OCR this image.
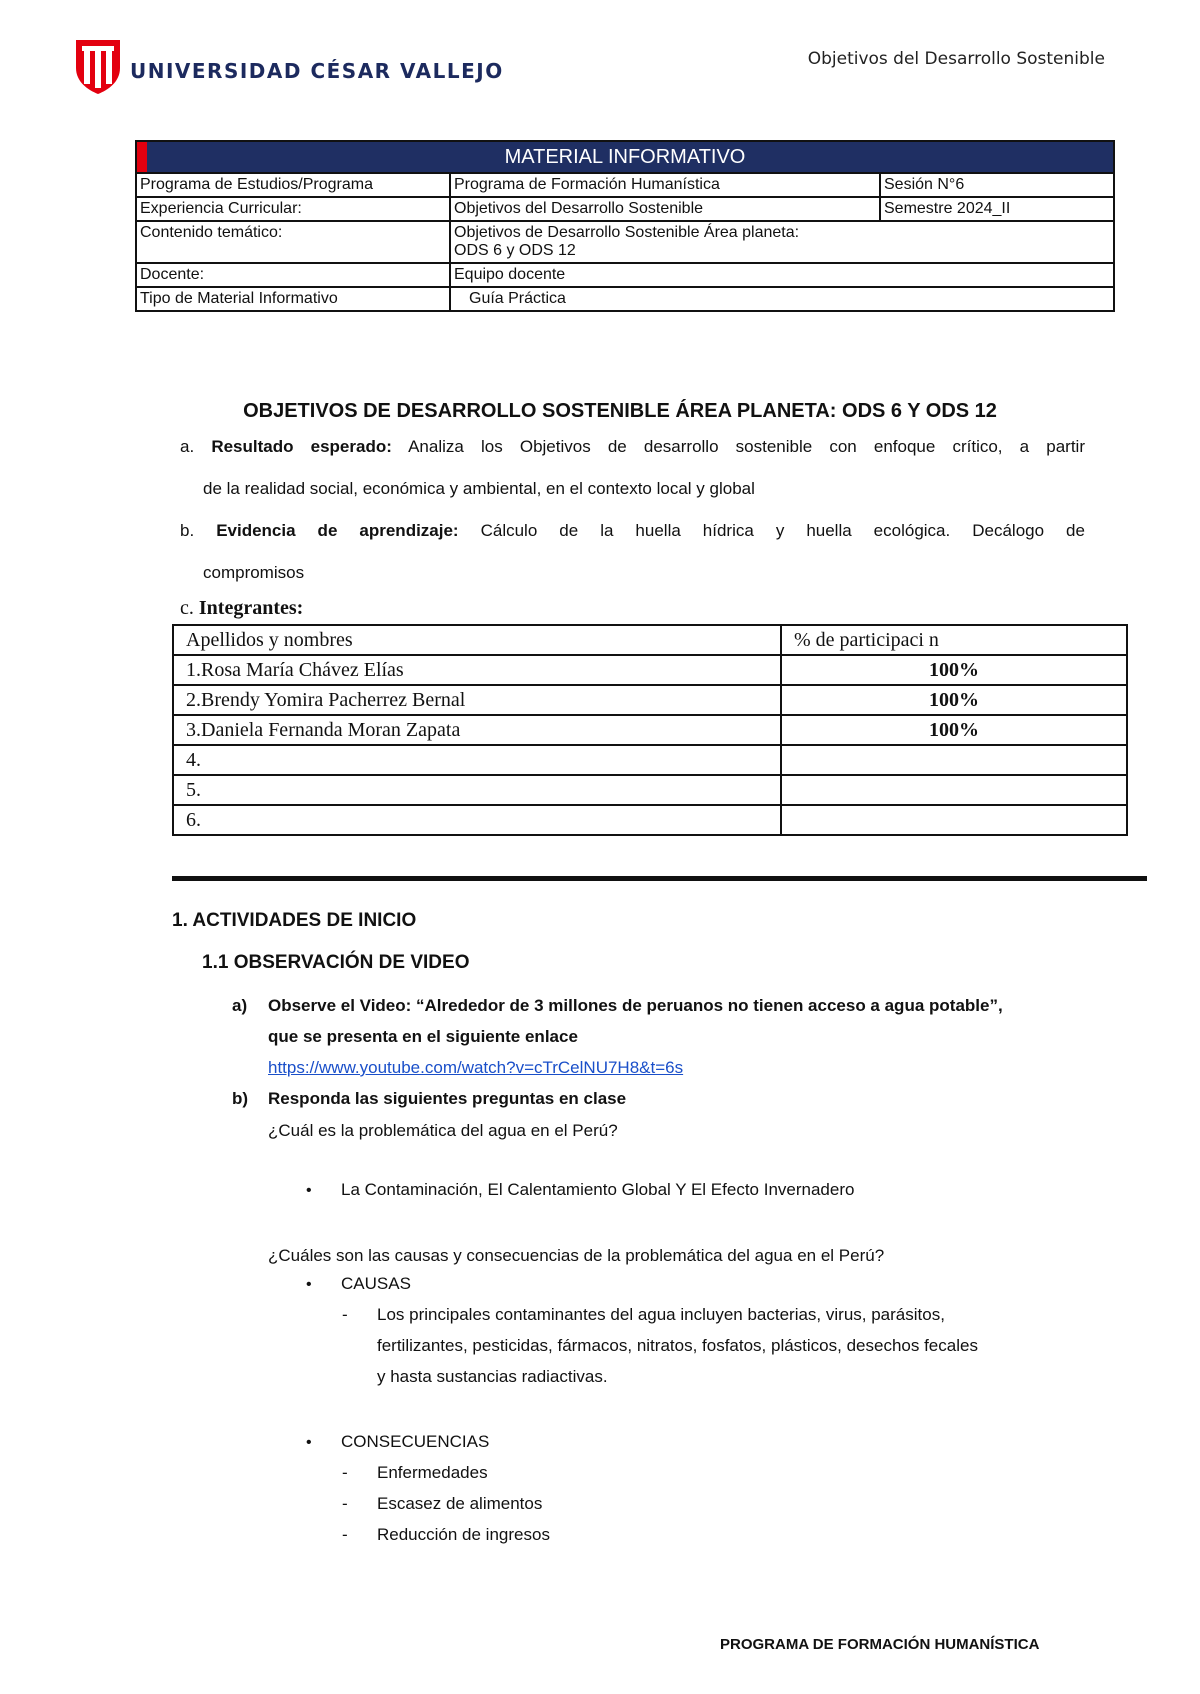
UNIVERSIDAD CÉSAR VALLEJO	Objetivos del Desarrollo Sostenible
MATERIAL INFORMATIVO		
Programa de Estudios/Programa	Programa de Formación Humanística	Sesión N°6
Experiencia Curricular:	Objetivos del Desarrollo Sostenible	Semestre 2024_II
Contenido temático:	Objetivos de Desarrollo Sostenible Área planeta:
ODS 6 y ODS 12	

Docente:	Equipo docente	
Tipo de Material Informativo	Guía Práctica	
OBJETIVOS DE DESARROLLO SOSTENIBLE ÁREA PLANETA: ODS 6 Y ODS 12
a. Resultado esperado: Analiza los Objetivos de desarrollo sostenible con enfoque crítico, a partir
de la realidad social, económica y ambiental, en el contexto local y global
b. Evidencia de aprendizaje: Cálculo de la huella hídrica y huella ecológica. Decálogo de
compromisos
c. Integrantes:
Apellidos y nombres	% de participaci n
1.Rosa María Chávez Elías	100%
2.Brendy Yomira Pacherrez Bernal	100%
3.Daniela Fernanda Moran Zapata	100%
4.	
5.	
6.	
1. ACTIVIDADES DE INICIO
1.1 OBSERVACIÓN DE VIDEO
a) Observe el Video: “Alrededor de 3 millones de peruanos no tienen acceso a agua potable”,
que se presenta en el siguiente enlace
https://www.youtube.com/watch?v=cTrCelNU7H8&t=6s
b) Responda las siguientes preguntas en clase
¿Cuál es la problemática del agua en el Perú?
• La Contaminación, El Calentamiento Global Y El Efecto Invernadero
¿Cuáles son las causas y consecuencias de la problemática del agua en el Perú?
• CAUSAS
- Los principales contaminantes del agua incluyen bacterias, virus, parásitos,
fertilizantes, pesticidas, fármacos, nitratos, fosfatos, plásticos, desechos fecales
y hasta sustancias radiactivas.
• CONSECUENCIAS
- Enfermedades
- Escasez de alimentos
- Reducción de ingresos
PROGRAMA DE FORMACIÓN HUMANÍSTICA
